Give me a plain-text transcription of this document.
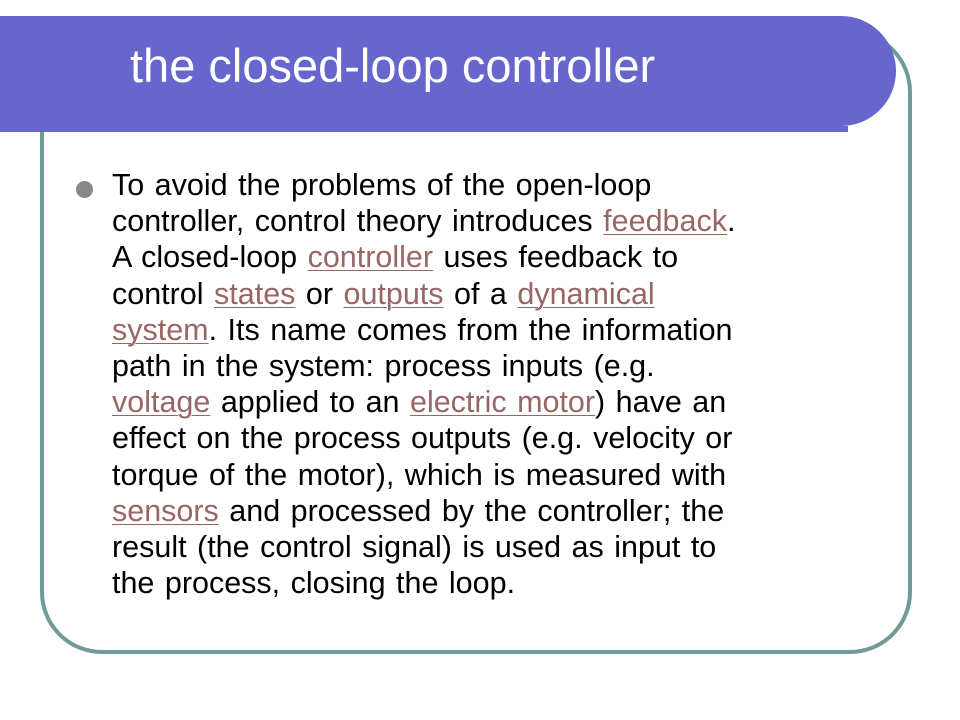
the closed-loop controller

To avoid the problems of the open-loop
controller, control theory introduces feedback.
A closed-loop controller uses feedback to
control states or outputs of a dynamical
system. Its name comes from the information
path in the system: process inputs (e.g.
voltage applied to an electric motor) have an
effect on the process outputs (e.g. velocity or
torque of the motor), which is measured with
sensors and processed by the controller; the
result (the control signal) is used as input to
the process, closing the loop.
